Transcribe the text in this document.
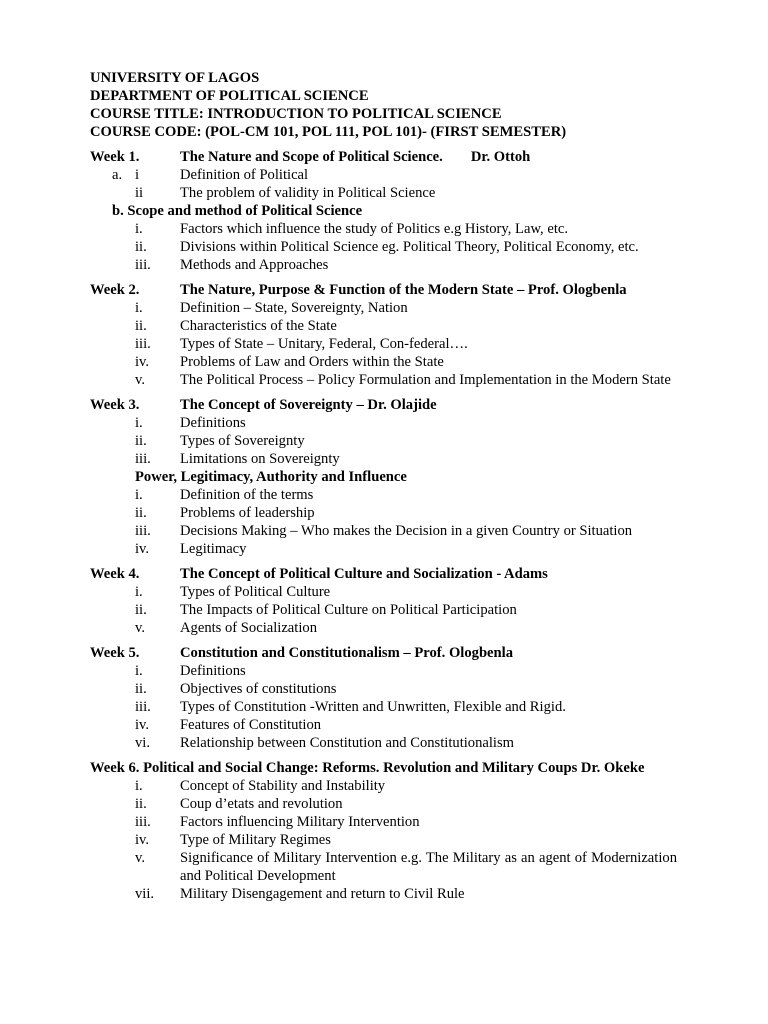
UNIVERSITY OF LAGOS
DEPARTMENT OF POLITICAL SCIENCE
COURSE TITLE: INTRODUCTION TO POLITICAL SCIENCE
COURSE CODE: (POL-CM 101, POL 111, POL 101)- (FIRST SEMESTER)
Week 1.	The Nature and Scope of Political Science. Dr. Ottoh
a. i	Definition of Political
ii	The problem of validity in Political Science
b. Scope and method of Political Science
i.	Factors which influence the study of Politics e.g History, Law, etc.
ii.	Divisions within Political Science eg. Political Theory, Political Economy, etc.
iii.	Methods and Approaches
Week 2.	The Nature, Purpose & Function of the Modern State – Prof. Ologbenla
i.	Definition – State, Sovereignty, Nation
ii.	Characteristics of the State
iii.	Types of State – Unitary, Federal, Con-federal….
iv.	Problems of Law and Orders within the State
v.	The Political Process – Policy Formulation and Implementation in the Modern State
Week 3.	The Concept of Sovereignty – Dr. Olajide
i.	Definitions
ii.	Types of Sovereignty
iii.	Limitations on Sovereignty
Power, Legitimacy, Authority and Influence
i.	Definition of the terms
ii.	Problems of leadership
iii.	Decisions Making – Who makes the Decision in a given Country or Situation
iv.	Legitimacy
Week 4.	The Concept of Political Culture and Socialization - Adams
i.	Types of Political Culture
ii.	The Impacts of Political Culture on Political Participation
v.	Agents of Socialization
Week 5.	Constitution and Constitutionalism – Prof. Ologbenla
i.	Definitions
ii.	Objectives of constitutions
iii.	Types of Constitution -Written and Unwritten, Flexible and Rigid.
iv.	Features of Constitution
vi.	Relationship between Constitution and Constitutionalism
Week 6. Political and Social Change: Reforms. Revolution and Military Coups Dr. Okeke
i.	Concept of Stability and Instability
ii.	Coup d’etats and revolution
iii.	Factors influencing Military Intervention
iv.	Type of Military Regimes
v.	Significance of Military Intervention e.g. The Military as an agent of Modernization and Political Development
vii.	Military Disengagement and return to Civil Rule
